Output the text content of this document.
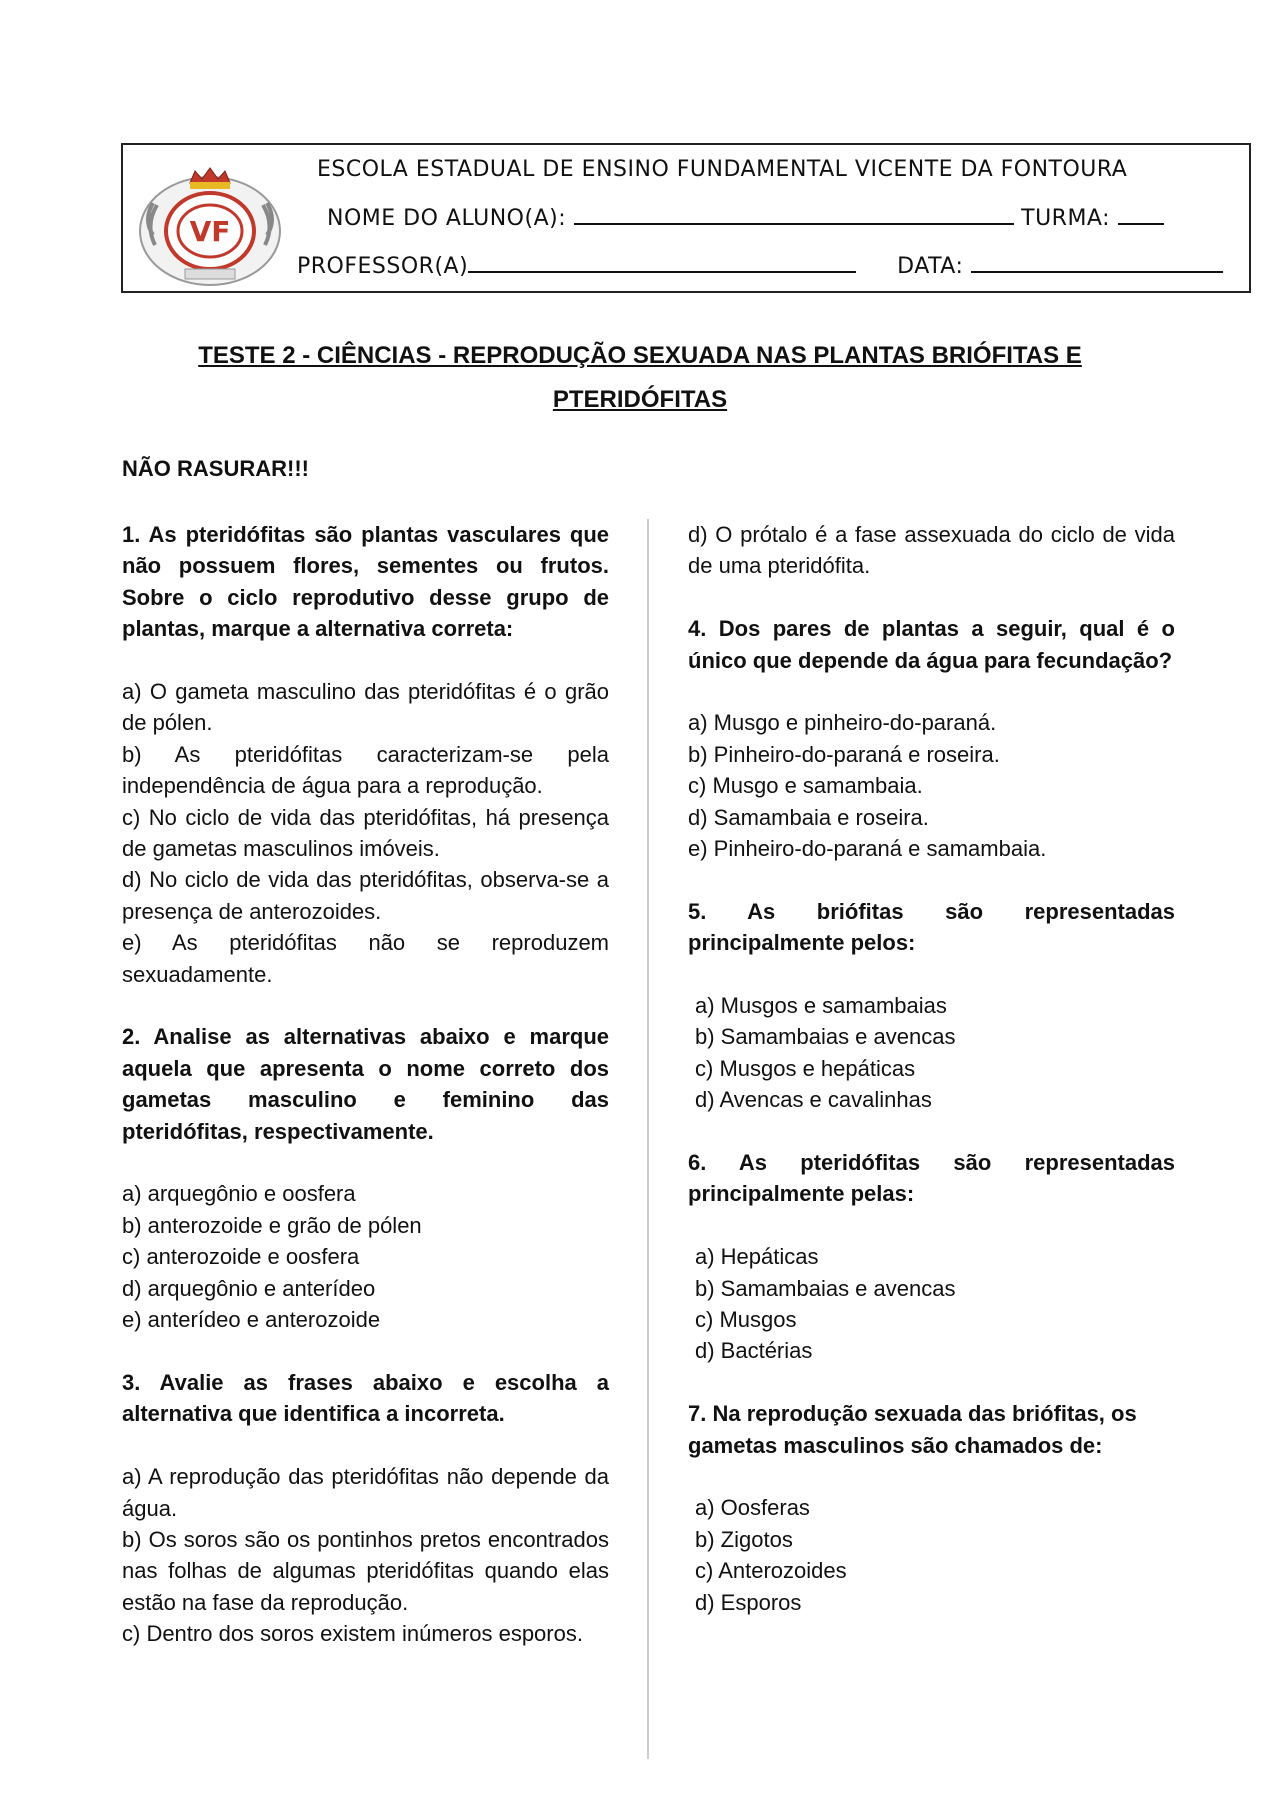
VF
ESCOLA ESTADUAL DE ENSINO FUNDAMENTAL VICENTE DA FONTOURA
NOME DO ALUNO(A):	TURMA:
PROFESSOR(A)	DATA:
TESTE 2 - CIÊNCIAS - REPRODUÇÃO SEXUADA NAS PLANTAS BRIÓFITAS E
PTERIDÓFITAS
NÃO RASURAR!!!

1. As pteridófitas são plantas vasculares que não possuem flores, sementes ou frutos. Sobre o ciclo reprodutivo desse grupo de plantas, marque a alternativa correta:

a) O gameta masculino das pteridófitas é o grão de pólen.

b) As pteridófitas caracterizam-se pela independência de água para a reprodução.

c) No ciclo de vida das pteridófitas, há presença de gametas masculinos imóveis.

d) No ciclo de vida das pteridófitas, observa-se a presença de anterozoides.

e) As pteridófitas não se reproduzem sexuadamente.

2. Analise as alternativas abaixo e marque aquela que apresenta o nome correto dos gametas masculino e feminino das pteridófitas, respectivamente.

a) arquegônio e oosfera

b) anterozoide e grão de pólen

c) anterozoide e oosfera

d) arquegônio e anterídeo

e) anterídeo e anterozoide

3. Avalie as frases abaixo e escolha a alternativa que identifica a incorreta.

a) A reprodução das pteridófitas não depende da água.

b) Os soros são os pontinhos pretos encontrados nas folhas de algumas pteridófitas quando elas estão na fase da reprodução.

c) Dentro dos soros existem inúmeros esporos.

d) O prótalo é a fase assexuada do ciclo de vida de uma pteridófita.

4. Dos pares de plantas a seguir, qual é o único que depende da água para fecundação?

a) Musgo e pinheiro-do-paraná.

b) Pinheiro-do-paraná e roseira.

c) Musgo e samambaia.

d) Samambaia e roseira.

e) Pinheiro-do-paraná e samambaia.

5. As briófitas são representadas principalmente pelos:

a) Musgos e samambaias

b) Samambaias e avencas

c) Musgos e hepáticas

d) Avencas e cavalinhas

6. As pteridófitas são representadas principalmente pelas:

a) Hepáticas

b) Samambaias e avencas

c) Musgos

d) Bactérias

7. Na reprodução sexuada das briófitas, os gametas masculinos são chamados de:

a) Oosferas

b) Zigotos

c) Anterozoides

d) Esporos
